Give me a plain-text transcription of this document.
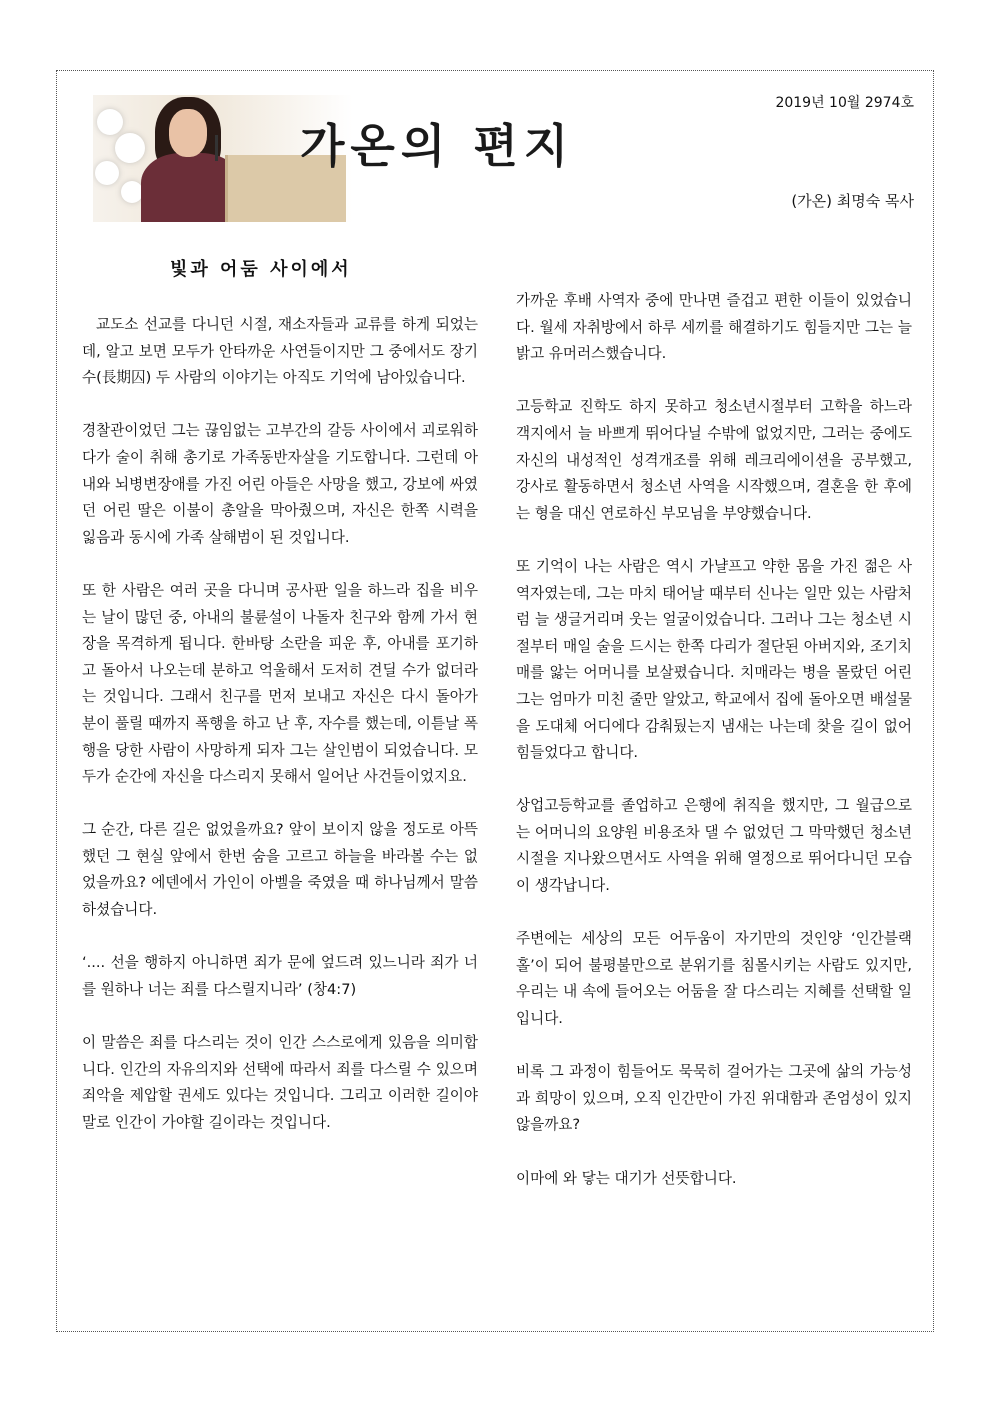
가온의 편지
2019년 10월 2974호
(가온) 최명숙 목사
빛과 어둠 사이에서

교도소 선교를 다니던 시절, 재소자들과 교류를 하게 되었는데, 알고 보면 모두가 안타까운 사연들이지만 그 중에서도 장기수(長期囚) 두 사람의 이야기는 아직도 기억에 남아있습니다.

경찰관이었던 그는 끊임없는 고부간의 갈등 사이에서 괴로워하다가 술이 취해 총기로 가족동반자살을 기도합니다. 그런데 아내와 뇌병변장애를 가진 어린 아들은 사망을 했고, 강보에 싸였던 어린 딸은 이불이 총알을 막아줬으며, 자신은 한쪽 시력을 잃음과 동시에 가족 살해범이 된 것입니다.

또 한 사람은 여러 곳을 다니며 공사판 일을 하느라 집을 비우는 날이 많던 중, 아내의 불륜설이 나돌자 친구와 함께 가서 현장을 목격하게 됩니다. 한바탕 소란을 피운 후, 아내를 포기하고 돌아서 나오는데 분하고 억울해서 도저히 견딜 수가 없더라는 것입니다. 그래서 친구를 먼저 보내고 자신은 다시 돌아가 분이 풀릴 때까지 폭행을 하고 난 후, 자수를 했는데, 이튿날 폭행을 당한 사람이 사망하게 되자 그는 살인범이 되었습니다. 모두가 순간에 자신을 다스리지 못해서 일어난 사건들이었지요.

그 순간, 다른 길은 없었을까요? 앞이 보이지 않을 정도로 아뜩했던 그 현실 앞에서 한번 숨을 고르고 하늘을 바라볼 수는 없었을까요? 에덴에서 가인이 아벨을 죽였을 때 하나님께서 말씀하셨습니다.

‘.... 선을 행하지 아니하면 죄가 문에 엎드려 있느니라 죄가 너를 원하나 너는 죄를 다스릴지니라’ (창4:7)

이 말씀은 죄를 다스리는 것이 인간 스스로에게 있음을 의미합니다. 인간의 자유의지와 선택에 따라서 죄를 다스릴 수 있으며 죄악을 제압할 권세도 있다는 것입니다. 그리고 이러한 길이야말로 인간이 가야할 길이라는 것입니다.

가까운 후배 사역자 중에 만나면 즐겁고 편한 이들이 있었습니다. 월세 자취방에서 하루 세끼를 해결하기도 힘들지만 그는 늘 밝고 유머러스했습니다.

고등학교 진학도 하지 못하고 청소년시절부터 고학을 하느라 객지에서 늘 바쁘게 뛰어다닐 수밖에 없었지만, 그러는 중에도 자신의 내성적인 성격개조를 위해 레크리에이션을 공부했고, 강사로 활동하면서 청소년 사역을 시작했으며, 결혼을 한 후에는 형을 대신 연로하신 부모님을 부양했습니다.

또 기억이 나는 사람은 역시 가냘프고 약한 몸을 가진 젊은 사역자였는데, 그는 마치 태어날 때부터 신나는 일만 있는 사람처럼 늘 생글거리며 웃는 얼굴이었습니다. 그러나 그는 청소년 시절부터 매일 술을 드시는 한쪽 다리가 절단된 아버지와, 조기치매를 앓는 어머니를 보살폈습니다. 치매라는 병을 몰랐던 어린 그는 엄마가 미친 줄만 알았고, 학교에서 집에 돌아오면 배설물을 도대체 어디에다 감춰뒀는지 냄새는 나는데 찾을 길이 없어 힘들었다고 합니다.

상업고등학교를 졸업하고 은행에 취직을 했지만, 그 월급으로는 어머니의 요양원 비용조차 댈 수 없었던 그 막막했던 청소년시절을 지나왔으면서도 사역을 위해 열정으로 뛰어다니던 모습이 생각납니다.

주변에는 세상의 모든 어두움이 자기만의 것인양 ‘인간블랙홀’이 되어 불평불만으로 분위기를 침몰시키는 사람도 있지만, 우리는 내 속에 들어오는 어둠을 잘 다스리는 지혜를 선택할 일입니다.

비록 그 과정이 힘들어도 묵묵히 걸어가는 그곳에 삶의 가능성과 희망이 있으며, 오직 인간만이 가진 위대함과 존엄성이 있지 않을까요?

이마에 와 닿는 대기가 선뜻합니다.
